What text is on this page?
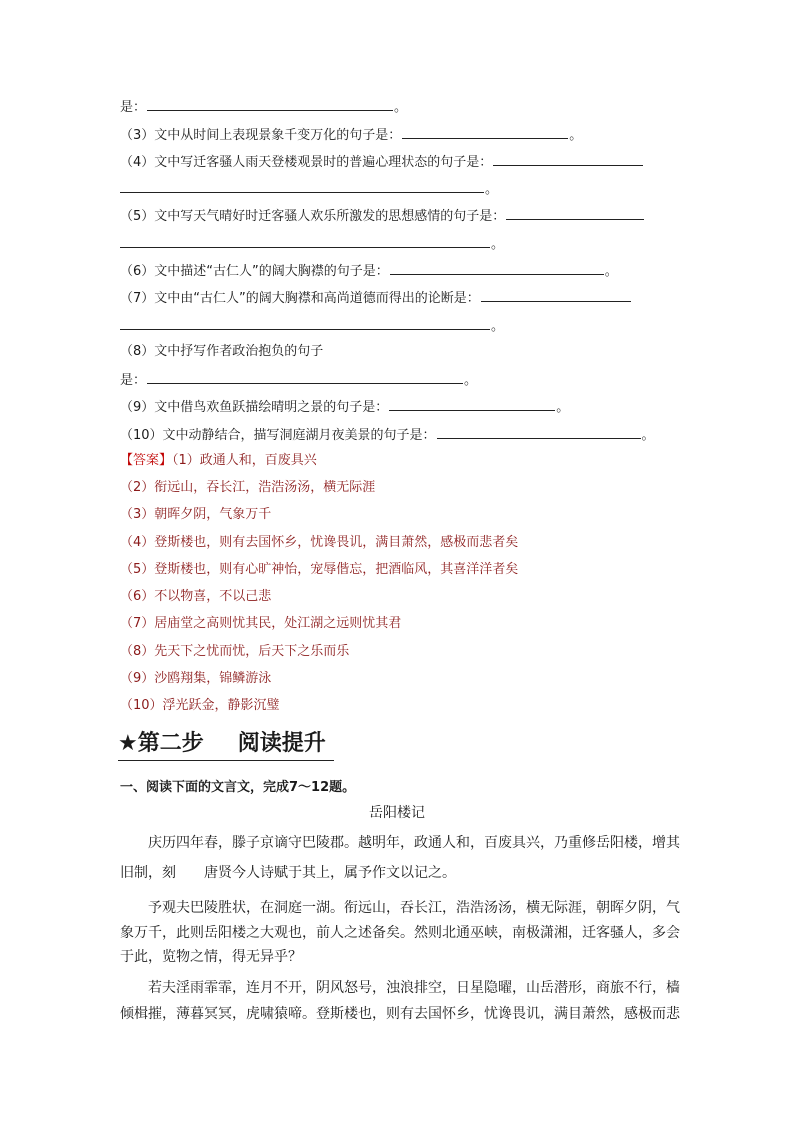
是：	。
（3）文中从时间上表现景象千变万化的句子是：	。
（4）文中写迁客骚人雨天登楼观景时的普遍心理状态的句子是：
。
（5）文中写天气晴好时迁客骚人欢乐所激发的思想感情的句子是：
。
（6）文中描述“古仁人”的阔大胸襟的句子是：	。
（7）文中由“古仁人”的阔大胸襟和高尚道德而得出的论断是：
。
（8）文中抒写作者政治抱负的句子
是：	。
（9）文中借鸟欢鱼跃描绘晴明之景的句子是：	。
（10）文中动静结合，描写洞庭湖月夜美景的句子是：	。
【答案】（1）政通人和，百废具兴
（2）衔远山，吞长江，浩浩汤汤，横无际涯
（3）朝晖夕阴，气象万千
（4）登斯楼也，则有去国怀乡，忧谗畏讥，满目萧然，感极而悲者矣
（5）登斯楼也，则有心旷神怡，宠辱偕忘，把酒临风，其喜洋洋者矣
（6）不以物喜，不以己悲
（7）居庙堂之高则忧其民，处江湖之远则忧其君
（8）先天下之忧而忧，后天下之乐而乐
（9）沙鸥翔集，锦鳞游泳
（10）浮光跃金，静影沉璧
★第二步 阅读提升
一、阅读下面的文言文，完成7～12题。
岳阳楼记
庆历四年春，滕子京谪守巴陵郡。越明年，政通人和，百废具兴，乃重修岳阳楼，增其
旧制，刻　　唐贤今人诗赋于其上，属予作文以记之。
予观夫巴陵胜状，在洞庭一湖。衔远山，吞长江，浩浩汤汤，横无际涯，朝晖夕阴，气
象万千，此则岳阳楼之大观也，前人之述备矣。然则北通巫峡，南极潇湘，迁客骚人，多会
于此，览物之情，得无异乎？
若夫淫雨霏霏，连月不开，阴风怒号，浊浪排空，日星隐曜，山岳潜形，商旅不行，樯
倾楫摧，薄暮冥冥，虎啸猿啼。登斯楼也，则有去国怀乡，忧谗畏讥，满目萧然，感极而悲
